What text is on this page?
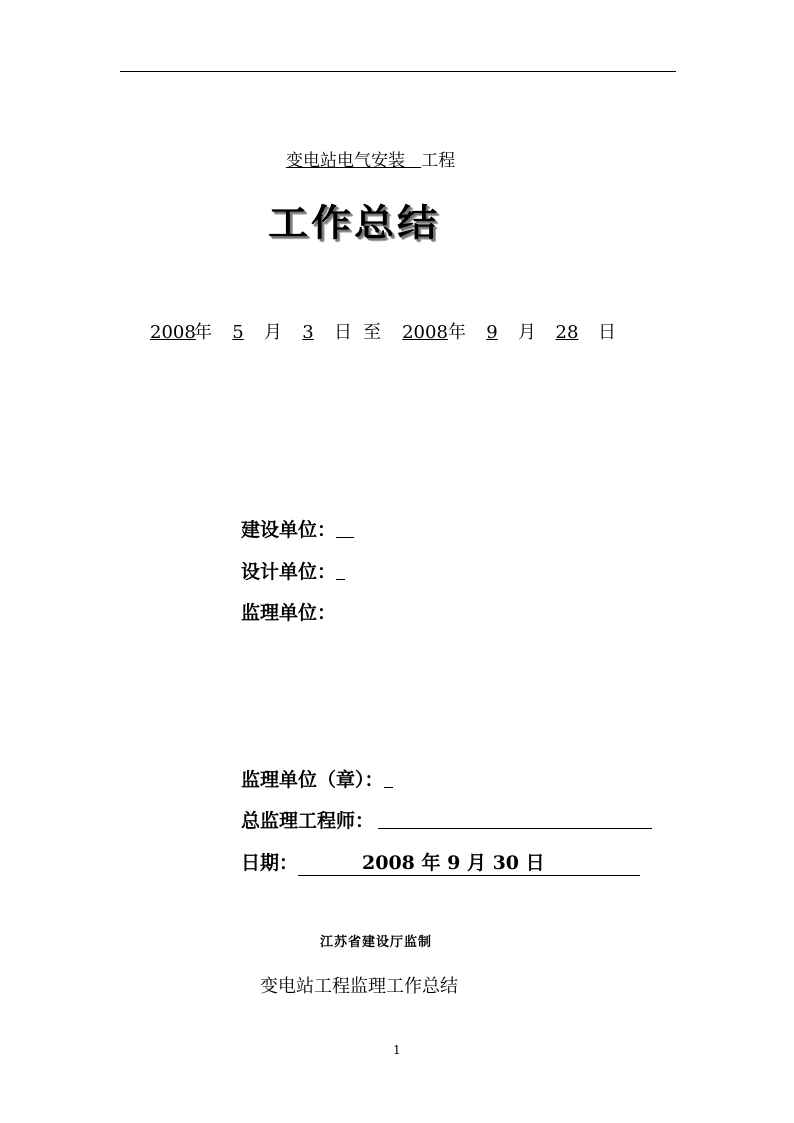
变电站电气安装 工程
工作总结
2008年 5 月 3 日 至 2008年 9 月 28 日
建设单位：
设计单位：
监理单位：
监理单位（章）：
总监理工程师：
日期：	2008 年 9 月 30 日
江苏省建设厅监制
变电站工程监理工作总结
1
